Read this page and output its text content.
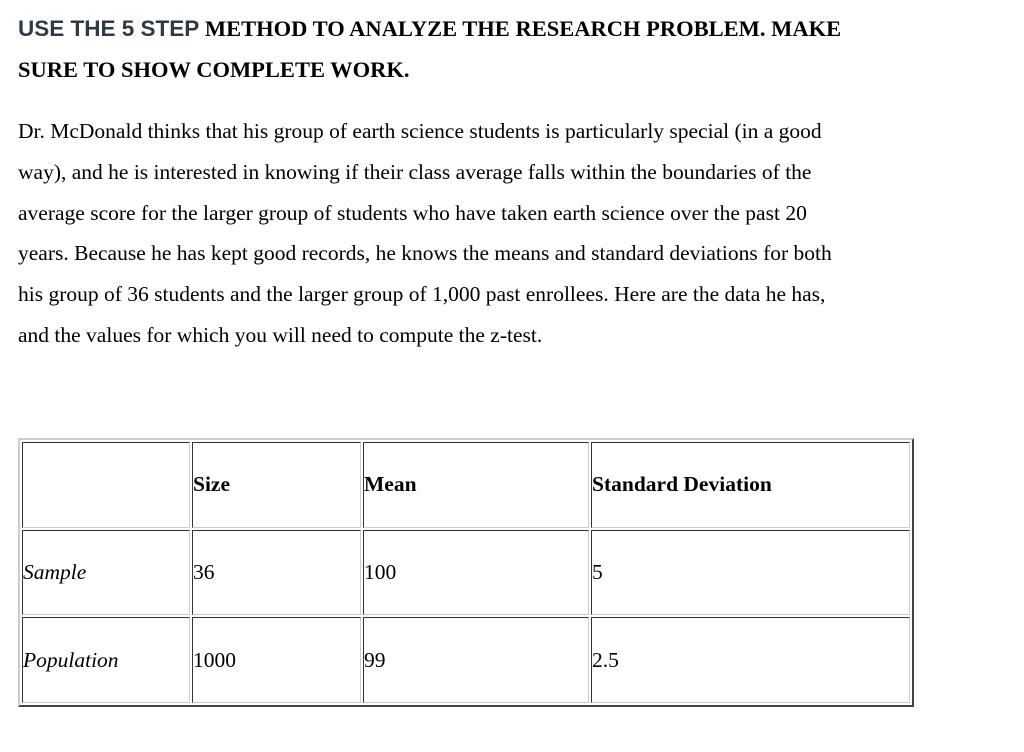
USE THE 5 STEP METHOD TO ANALYZE THE RESEARCH PROBLEM. MAKE
SURE TO SHOW COMPLETE WORK.
Dr. McDonald thinks that his group of earth science students is particularly special (in a good
way), and he is interested in knowing if their class average falls within the boundaries of the
average score for the larger group of students who have taken earth science over the past 20
years. Because he has kept good records, he knows the means and standard deviations for both
his group of 36 students and the larger group of 1,000 past enrollees. Here are the data he has,
and the values for which you will need to compute the z-test.
	Size	Mean	Standard Deviation
Sample	36	100	5
Population	1000	99	2.5
